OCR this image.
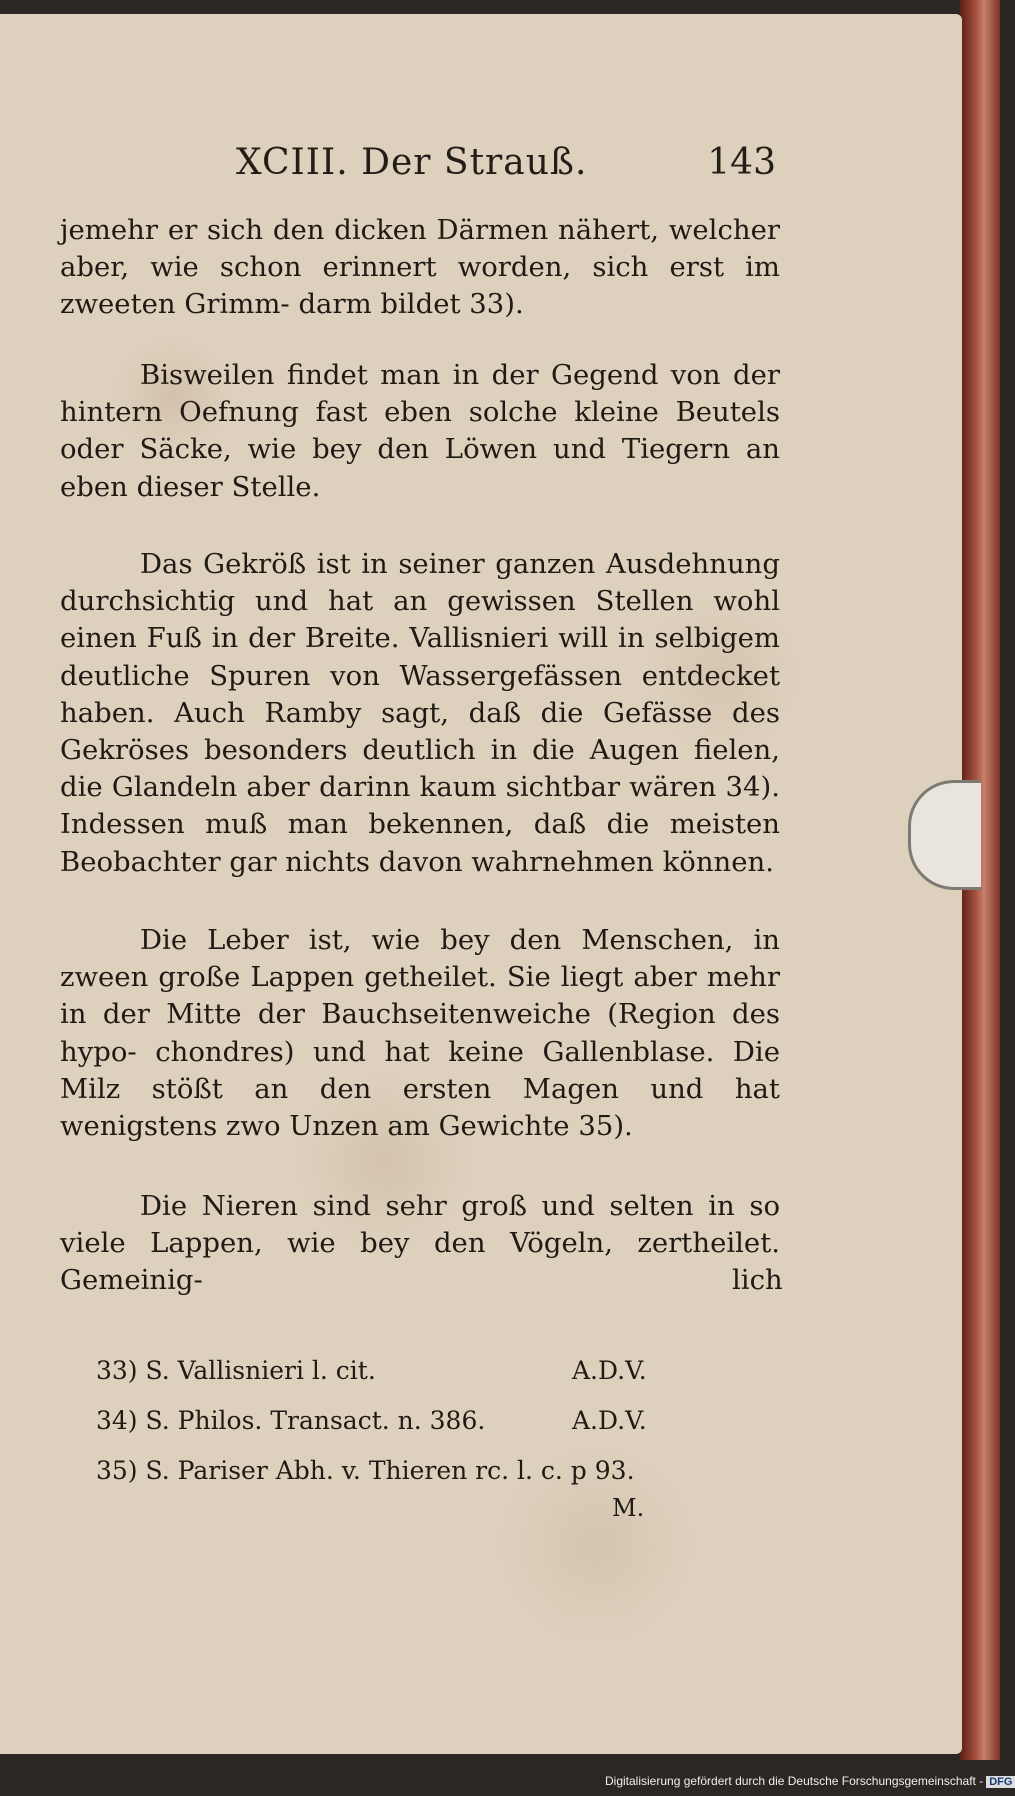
XCIII. Der Strauß.	143

jemehr er sich den dicken Därmen nähert, welcher aber, wie schon erinnert worden, sich erst im zweeten Grimm- darm bildet 33).

Bisweilen findet man in der Gegend von der hintern Oefnung fast eben solche kleine Beutels oder Säcke, wie bey den Löwen und Tiegern an eben dieser Stelle.

Das Gekröß ist in seiner ganzen Ausdehnung durchsichtig und hat an gewissen Stellen wohl einen Fuß in der Breite. Vallisnieri will in selbigem deutliche Spuren von Wassergefässen entdecket haben. Auch Ramby sagt, daß die Gefässe des Gekröses besonders deutlich in die Augen fielen, die Glandeln aber darinn kaum sichtbar wären 34). Indessen muß man bekennen, daß die meisten Beobachter gar nichts davon wahrnehmen können.

Die Leber ist, wie bey den Menschen, in zween große Lappen getheilet. Sie liegt aber mehr in der Mitte der Bauchseitenweiche (Region des hypo- chondres) und hat keine Gallenblase. Die Milz stößt an den ersten Magen und hat wenigstens zwo Unzen am Gewichte 35).

Die Nieren sind sehr groß und selten in so viele Lappen, wie bey den Vögeln, zertheilet. Gemeinig-	lich
33) S. Vallisnieri l. cit.	A.D.V.
34) S. Philos. Transact. n. 386.	A.D.V.
35) S. Pariser Abh. v. Thieren rc. l. c. p 93.
M.
Digitalisierung gefördert durch die Deutsche Forschungsgemeinschaft - DFG
